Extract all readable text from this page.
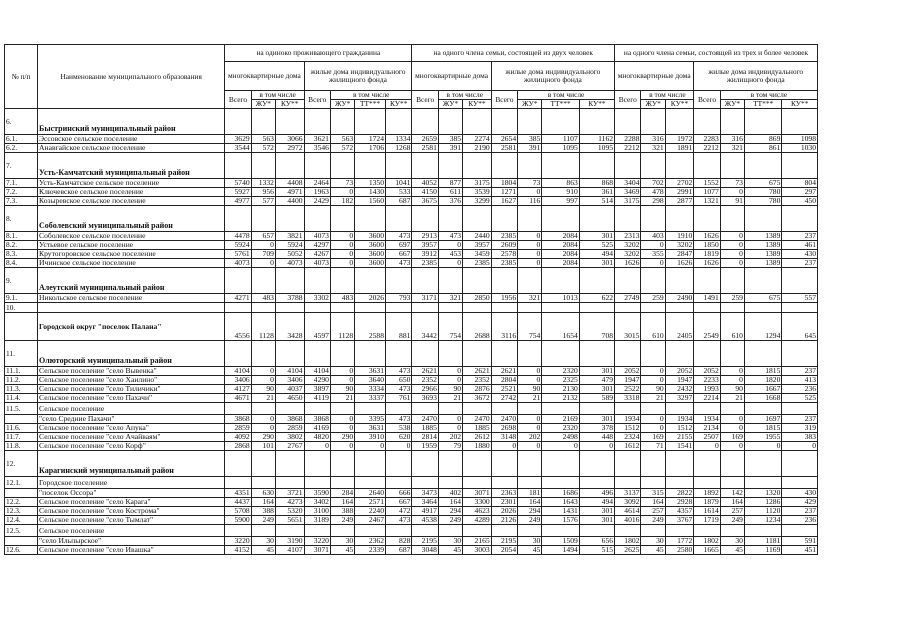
№ п/п	Наименование муниципального образования	на одиноко проживающего гражданина							на одного члена семьи, состоящей из двух человек							на одного члена семьи, состоящей из трех и более человек						
		многоквартирные дома			жилые дома индивидуального жилищного фонда				многоквартирные дома			жилые дома индивидуального жилищного фонда				многоквартирные дома			жилые дома индивидуального жилищного фонда			
		Всего	в том числе		Всего	в том числе			Всего	в том числе		Всего	в том числе			Всего	в том числе		Всего	в том числе		
			ЖУ*	КУ**		ЖУ*	ТТ***	КУ**		ЖУ*	КУ**		ЖУ*	ТТ***	КУ**		ЖУ*	КУ**		ЖУ*	ТТ***	КУ**
6.	Быстринский муниципальный район																					
6.1.	Эссовское сельское поселение	3629	563	3066	3621	563	1724	1334	2659	385	2274	2654	385	1107	1162	2288	316	1972	2283	316	869	1098
6.2.	Анавгайское сельское поселение	3544	572	2972	3546	572	1706	1268	2581	391	2190	2581	391	1095	1095	2212	321	1891	2212	321	861	1030
7.	Усть-Камчатский муниципальный район																					
7.1.	Усть-Камчатское сельское поселение	5740	1332	4408	2464	73	1350	1041	4052	877	3175	1804	73	863	868	3404	702	2702	1552	73	675	804
7.2.	Ключевское сельское поселение	5927	956	4971	1963	0	1430	533	4150	611	3539	1271	0	910	361	3469	478	2991	1077	0	780	297
7.3.	Козыревское сельское поселение	4977	577	4400	2429	182	1560	687	3675	376	3299	1627	116	997	514	3175	298	2877	1321	91	780	450
8.	Соболевский муниципальный район																					
8.1.	Соболевское сельское поселение	4478	657	3821	4073	0	3600	473	2913	473	2440	2385	0	2084	301	2313	403	1910	1626	0	1389	237
8.2.	Устьевое сельское поселение	5924	0	5924	4297	0	3600	697	3957	0	3957	2609	0	2084	525	3202	0	3202	1850	0	1389	461
8.3.	Крутогоровское сельское поселение	5761	709	5052	4267	0	3600	667	3912	453	3459	2578	0	2084	494	3202	355	2847	1819	0	1389	430
8.4.	Ичинское сельское поселение	4073	0	4073	4073	0	3600	473	2385	0	2385	2385	0	2084	301	1626	0	1626	1626	0	1389	237
9.	Алеутский муниципальный район																					
9.1.	Никольское сельское поселение	4271	483	3788	3302	483	2026	793	3171	321	2850	1956	321	1013	622	2749	259	2490	1491	259	675	557
10.																						
	Городской округ "поселок Палана"	4556	1128	3428	4597	1128	2588	881	3442	754	2688	3116	754	1654	708	3015	610	2405	2549	610	1294	645
11.	Олюторский муниципальный район																					
11.1.	Сельское поселение "село Вывенка"	4104	0	4104	4104	0	3631	473	2621	0	2621	2621	0	2320	301	2052	0	2052	2052	0	1815	237
11.2.	Сельское поселение "село Хаилино"	3406	0	3406	4290	0	3640	650	2352	0	2352	2804	0	2325	479	1947	0	1947	2233	0	1820	413
11.3.	Сельское поселение "село Тиличики"	4127	90	4037	3897	90	3334	473	2966	90	2876	2521	90	2130	301	2522	90	2432	1993	90	1667	236
11.4.	Сельское поселение "село Пахачи"	4671	21	4650	4119	21	3337	761	3693	21	3672	2742	21	2132	589	3318	21	3297	2214	21	1668	525
11.5.	Сельское поселение																					
	"село Средние Пахачи"	3868	0	3868	3868	0	3395	473	2470	0	2470	2470	0	2169	301	1934	0	1934	1934	0	1697	237
11.6.	Сельское поселение "село Апука"	2859	0	2859	4169	0	3631	538	1885	0	1885	2698	0	2320	378	1512	0	1512	2134	0	1815	319
11.7.	Сельское поселение "село Ачайваям"	4092	290	3802	4820	290	3910	620	2814	202	2612	3148	202	2498	448	2324	169	2155	2507	169	1955	383
11.8.	Сельское поселение "село Корф"	2868	101	2767	0	0	0	0	1959	79	1880	0	0	0	0	1612	71	1541	0	0	0	0
12.	Карагинский муниципальный район																					
12.1.	Городское поселение																					
	"поселок Оссора"	4351	630	3721	3590	284	2640	666	3473	402	3071	2363	181	1686	496	3137	315	2822	1892	142	1320	430
12.2.	Сельское поселение "село Карага"	4437	164	4273	3402	164	2571	667	3464	164	3300	2301	164	1643	494	3092	164	2928	1879	164	1286	429
12.3.	Сельское поселение "село Кострома"	5708	388	5320	3100	388	2240	472	4917	294	4623	2026	294	1431	301	4614	257	4357	1614	257	1120	237
12.4.	Сельское поселение "село Тымлат"	5900	249	5651	3189	249	2467	473	4538	249	4289	2126	249	1576	301	4016	249	3767	1719	249	1234	236
12.5.	Сельское поселение																					
	"село Ильпырское"	3220	30	3190	3220	30	2362	828	2195	30	2165	2195	30	1509	656	1802	30	1772	1802	30	1181	591
12.6.	Сельское поселение "село Ивашка"	4152	45	4107	3071	45	2339	687	3048	45	3003	2054	45	1494	515	2625	45	2580	1665	45	1169	451
